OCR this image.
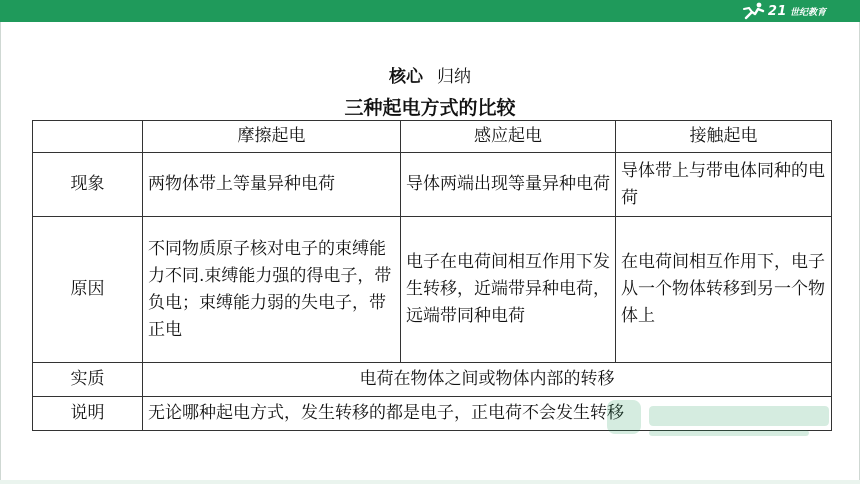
21 世纪教育
核心 归纳
三种起电方式的比较
	摩擦起电	感应起电	接触起电
现象	两物体带上等量异种电荷	导体两端出现等量异种电荷	导体带上与带电体同种的电荷
原因	不同物质原子核对电子的束缚能力不同.束缚能力强的得电子，带负电；束缚能力弱的失电子，带正电	电子在电荷间相互作用下发生转移，近端带异种电荷，远端带同种电荷	在电荷间相互作用下，电子从一个物体转移到另一个物体上
实质	电荷在物体之间或物体内部的转移		
说明	无论哪种起电方式，发生转移的都是电子，正电荷不会发生转移		
